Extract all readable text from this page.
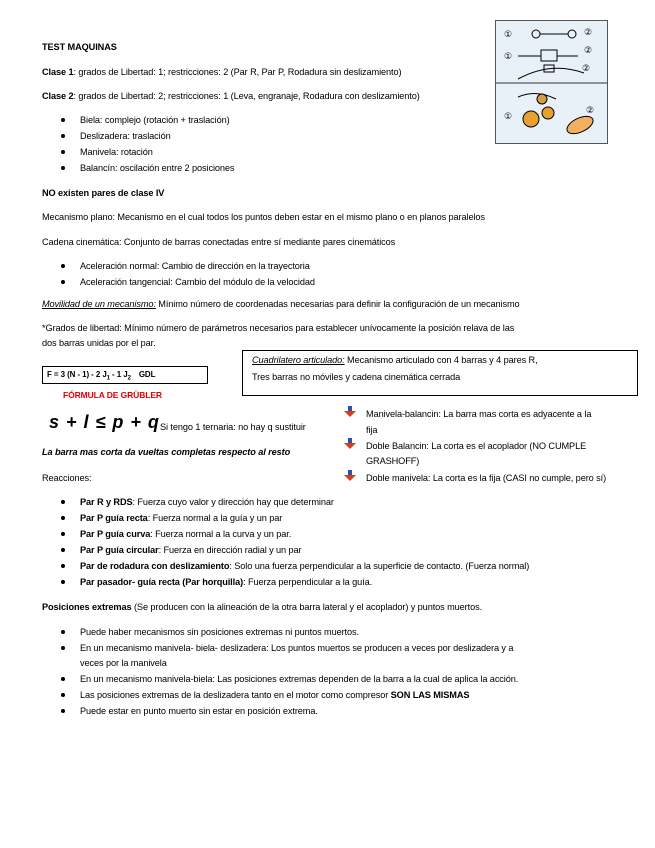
TEST MAQUINAS
Clase 1: grados de Libertad: 1; restricciones: 2 (Par R, Par P, Rodadura sin deslizamiento)
Clase 2: grados de Libertad: 2; restricciones: 1 (Leva, engranaje, Rodadura con deslizamiento)
①	②
①
②
②
①
②
Biela: complejo (rotación + traslación)
Deslizadera: traslación
Manivela: rotación
Balancín: oscilación entre 2 posiciones
NO existen pares de clase IV
Mecanismo plano: Mecanismo en el cual todos los puntos deben estar en el mismo plano o en planos paralelos
Cadena cinemática: Conjunto de barras conectadas entre sí mediante pares cinemáticos
Aceleración normal: Cambio de dirección en la trayectoria
Aceleración tangencial: Cambio del módulo de la velocidad
Movilidad de un mecanismo: Mínimo número de coordenadas necesarias para definir la configuración de un mecanismo
*Grados de libertad: Mínimo número de parámetros necesarios para establecer unívocamente la posición relava de las
dos barras unidas por el par.
Cuadrilatero articulado: Mecanismo articulado con 4 barras y 4 pares R,
Tres barras no móviles y cadena cinemática cerrada
F = 3 (N - 1) - 2 $J_1 - 1$ $J_2$ GDL
FÓRMULA DE GRÜBLER
s + l ≤ p + q Si tengo 1 ternaria: no hay q sustituir
La barra mas corta da vueltas completas respecto al resto
Manivela-balancin: La barra mas corta es adyacente a la
fija
Doble Balancin: La corta es el acoplador (NO CUMPLE
GRASHOFF)
Doble manivela: La corta es la fija (CASI no cumple, pero sí)
Reacciones:
Par R y RDS: Fuerza cuyo valor y dirección hay que determinar
Par P guía recta: Fuerza normal a la guía y un par
Par P guía curva: Fuerza normal a la curva y un par.
Par P guía circular: Fuerza en dirección radial y un par
Par de rodadura con deslizamiento: Solo una fuerza perpendicular a la superficie de contacto. (Fuerza normal)
Par pasador- guía recta (Par horquilla): Fuerza perpendicular a la guía.
Posiciones extremas (Se producen con la alineación de la otra barra lateral y el acoplador) y puntos muertos.
Puede haber mecanismos sin posiciones extremas ni puntos muertos.
En un mecanismo manivela- biela- deslizadera: Los puntos muertos se producen a veces por deslizadera y a
veces por la manivela
En un mecanismo manivela-biela: Las posiciones extremas dependen de la barra a la cual de aplica la acción.
Las posiciones extremas de la deslizadera tanto en el motor como compresor SON LAS MISMAS
Puede estar en punto muerto sin estar en posición extrema.
